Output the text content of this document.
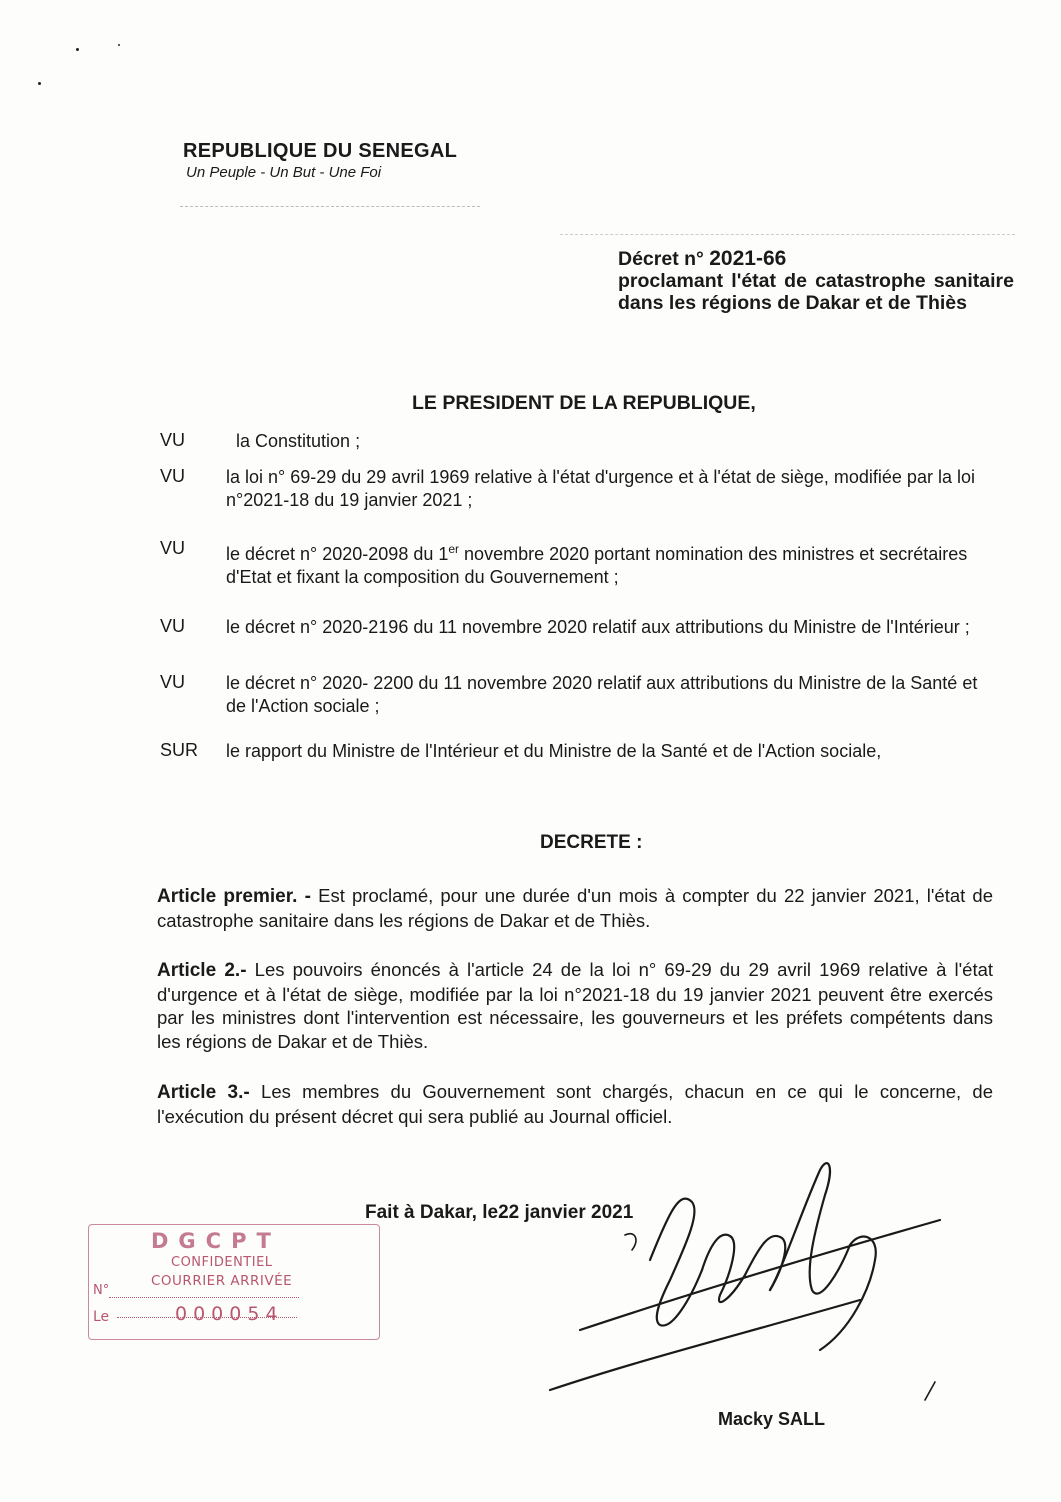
REPUBLIQUE DU SENEGAL
Un Peuple - Un But - Une Foi
Décret n° 2021-66
proclamant l'état de catastrophe sanitaire dans les régions de Dakar et de Thiès
LE PRESIDENT DE LA REPUBLIQUE,
VU	la Constitution ;
VU	la loi n° 69-29 du 29 avril 1969 relative à l'état d'urgence et à l'état de siège, modifiée par la loi n°2021-18 du 19 janvier 2021 ;
VU	le décret n° 2020-2098 du 1er novembre 2020 portant nomination des ministres et secrétaires d'Etat et fixant la composition du Gouvernement ;
VU	le décret n° 2020-2196 du 11 novembre 2020 relatif aux attributions du Ministre de l'Intérieur ;
VU	le décret n° 2020- 2200 du 11 novembre 2020 relatif aux attributions du Ministre de la Santé et de l'Action sociale ;
SUR	le rapport du Ministre de l'Intérieur et du Ministre de la Santé et de l'Action sociale,
DECRETE :
Article premier. - Est proclamé, pour une durée d'un mois à compter du 22 janvier 2021, l'état de catastrophe sanitaire dans les régions de Dakar et de Thiès.
Article 2.- Les pouvoirs énoncés à l'article 24 de la loi n° 69-29 du 29 avril 1969 relative à l'état d'urgence et à l'état de siège, modifiée par la loi n°2021-18 du 19 janvier 2021 peuvent être exercés par les ministres dont l'intervention est nécessaire, les gouverneurs et les préfets compétents dans les régions de Dakar et de Thiès.
Article 3.- Les membres du Gouvernement sont chargés, chacun en ce qui le concerne, de l'exécution du présent décret qui sera publié au Journal officiel.
Fait à Dakar, le22 janvier 2021
DGCPT
CONFIDENTIEL
COURRIER ARRIVÉE
N°
Le	000054
Macky SALL
